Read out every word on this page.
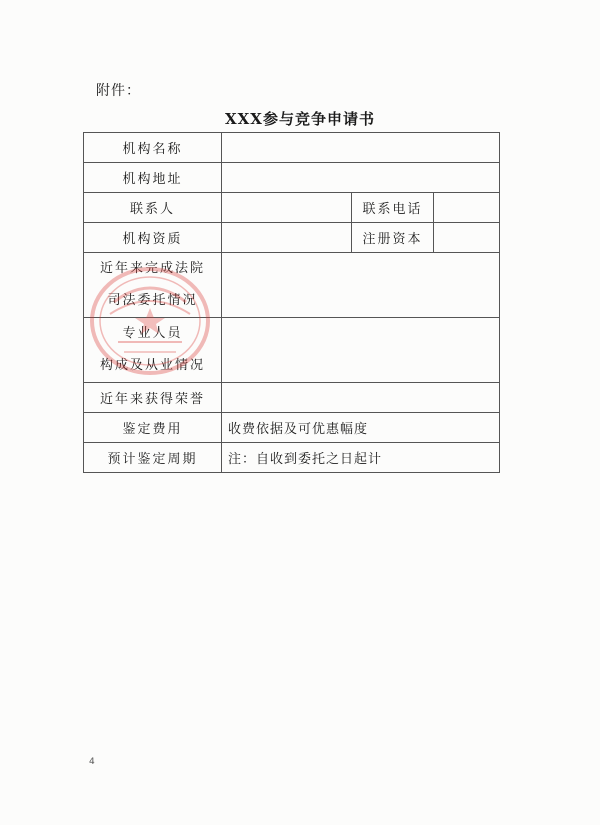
附件：
XXX参与竞争申请书
机构名称			
机构地址			
联系人		联系电话	
机构资质		注册资本	

近年来完成法院
司法委托情况			

专业人员
构成及从业情况			

近年来获得荣誉			
鉴定费用	收费依据及可优惠幅度		
预计鉴定周期	注：自收到委托之日起计		
4
